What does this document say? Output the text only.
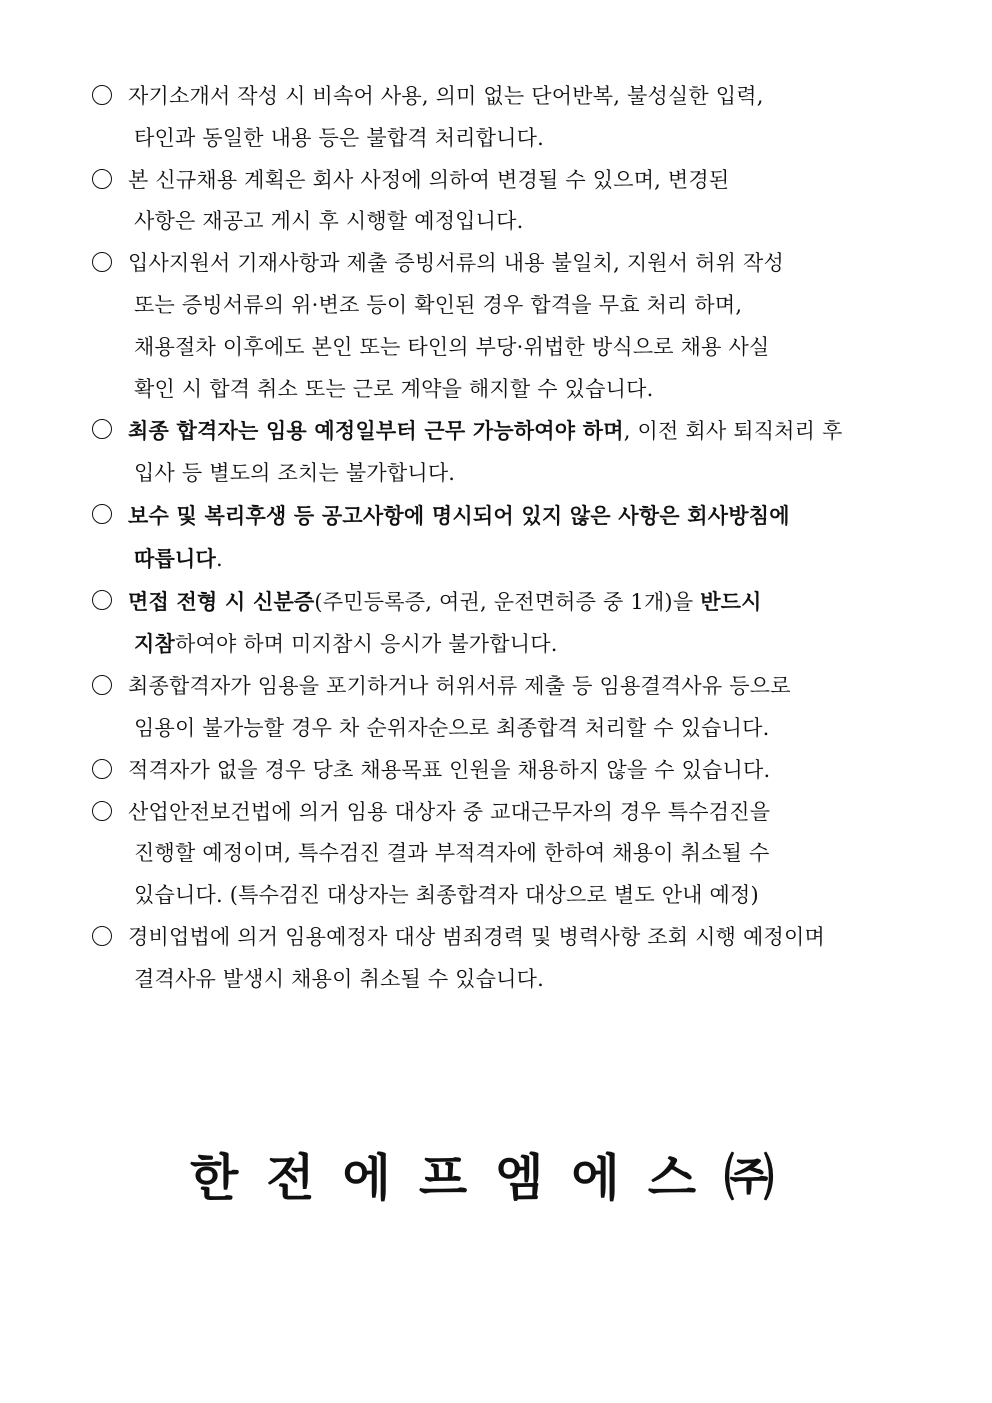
자기소개서 작성 시 비속어 사용, 의미 없는 단어반복, 불성실한 입력,
타인과 동일한 내용 등은 불합격 처리합니다.
본 신규채용 계획은 회사 사정에 의하여 변경될 수 있으며, 변경된
사항은 재공고 게시 후 시행할 예정입니다.
입사지원서 기재사항과 제출 증빙서류의 내용 불일치, 지원서 허위 작성
또는 증빙서류의 위·변조 등이 확인된 경우 합격을 무효 처리 하며,
채용절차 이후에도 본인 또는 타인의 부당·위법한 방식으로 채용 사실
확인 시 합격 취소 또는 근로 계약을 해지할 수 있습니다.
최종 합격자는 임용 예정일부터 근무 가능하여야 하며, 이전 회사 퇴직처리 후
입사 등 별도의 조치는 불가합니다.
보수 및 복리후생 등 공고사항에 명시되어 있지 않은 사항은 회사방침에
따릅니다.
면접 전형 시 신분증(주민등록증, 여권, 운전면허증 중 1개)을 반드시
지참하여야 하며 미지참시 응시가 불가합니다.
최종합격자가 임용을 포기하거나 허위서류 제출 등 임용결격사유 등으로
임용이 불가능할 경우 차 순위자순으로 최종합격 처리할 수 있습니다.
적격자가 없을 경우 당초 채용목표 인원을 채용하지 않을 수 있습니다.
산업안전보건법에 의거 임용 대상자 중 교대근무자의 경우 특수검진을
진행할 예정이며, 특수검진 결과 부적격자에 한하여 채용이 취소될 수
있습니다. (특수검진 대상자는 최종합격자 대상으로 별도 안내 예정)
경비업법에 의거 임용예정자 대상 범죄경력 및 병력사항 조회 시행 예정이며
결격사유 발생시 채용이 취소될 수 있습니다.
한전에프엠에스㈜
